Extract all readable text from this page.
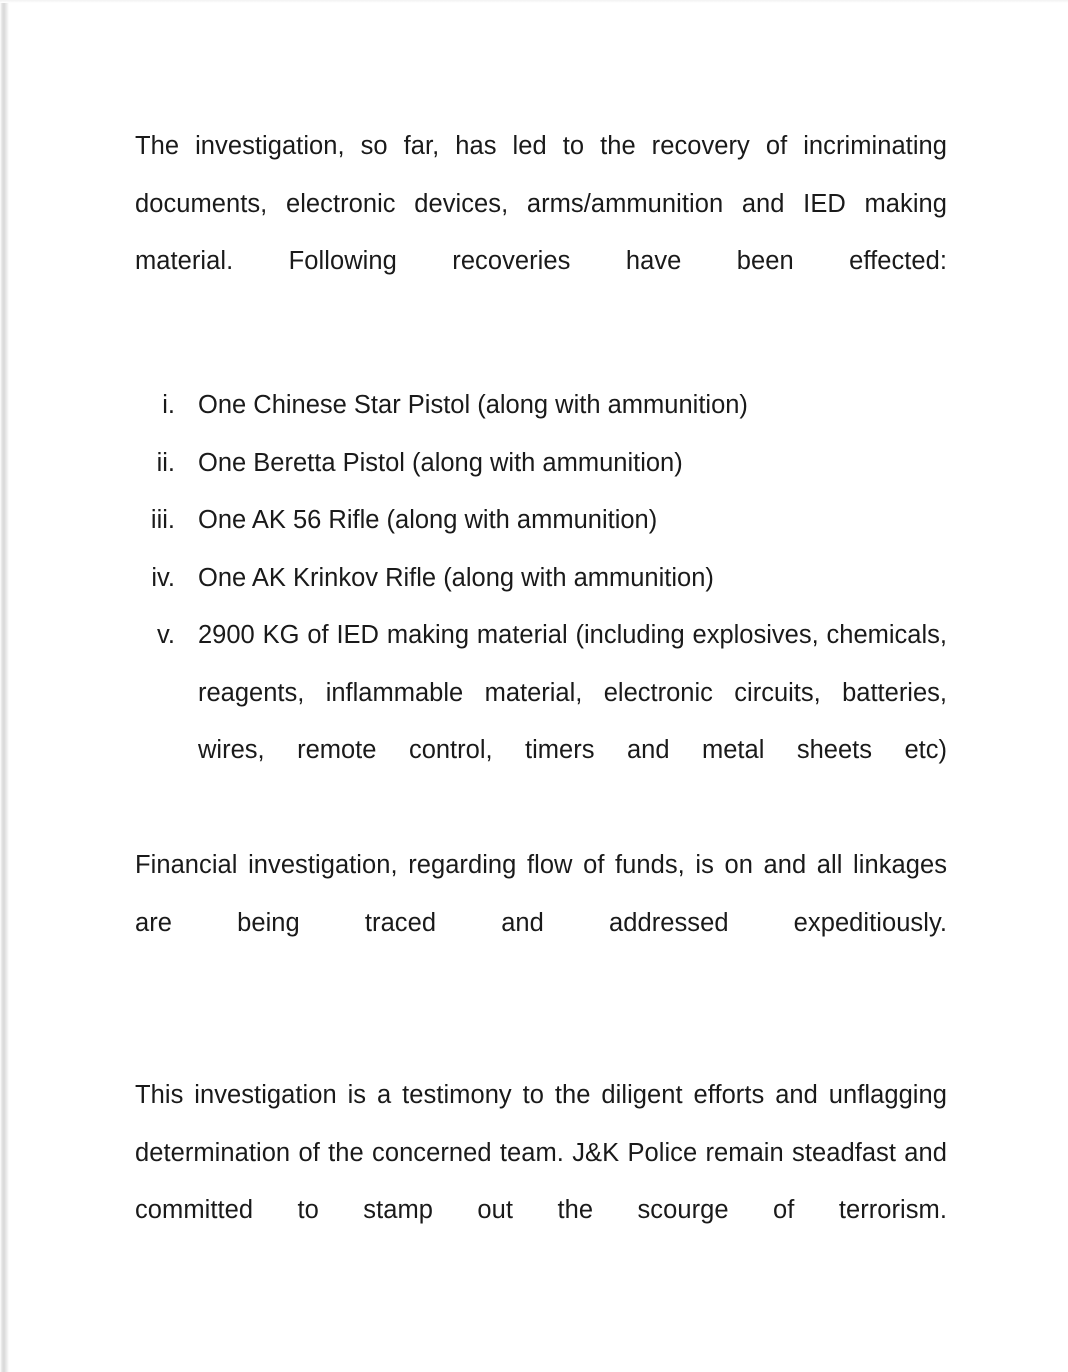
The investigation, so far, has led to the recovery of incriminating documents, electronic devices, arms/ammunition and IED making material. Following recoveries have been effected:

i. One Chinese Star Pistol (along with ammunition)
ii. One Beretta Pistol (along with ammunition)
iii. One AK 56 Rifle (along with ammunition)
iv. One AK Krinkov Rifle (along with ammunition)
v. 2900 KG of IED making material (including explosives, chemicals, reagents, inflammable material, electronic circuits, batteries, wires, remote control, timers and metal sheets etc)

Financial investigation, regarding flow of funds, is on and all linkages are being traced and addressed expeditiously.

This investigation is a testimony to the diligent efforts and unflagging determination of the concerned team. J&K Police remain steadfast and committed to stamp out the scourge of terrorism.
